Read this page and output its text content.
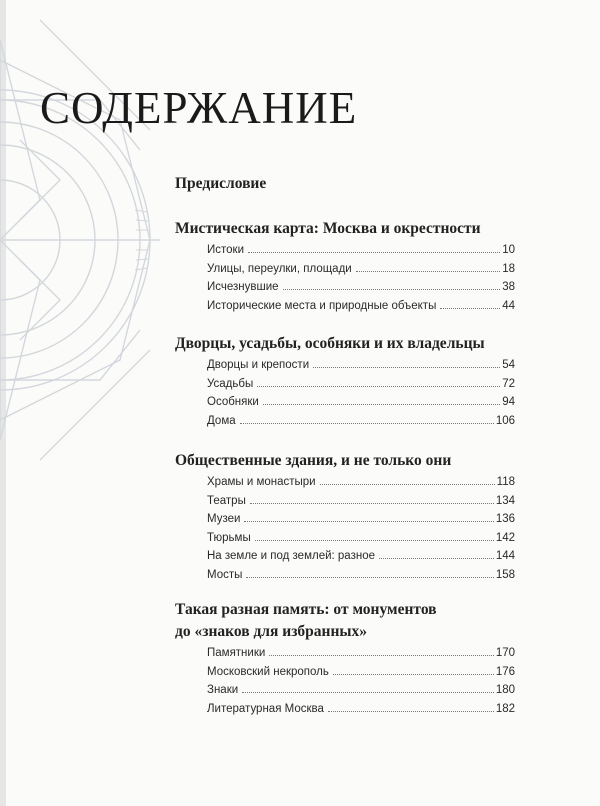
СОДЕРЖАНИЕ
Предисловие
Мистическая карта: Москва и окрестности
Истоки	10
Улицы, переулки, площади	18
Исчезнувшие	38
Исторические места и природные объекты	44
Дворцы, усадьбы, особняки и их владельцы
Дворцы и крепости	54
Усадьбы	72
Особняки	94
Дома	106
Общественные здания, и не только они
Храмы и монастыри	118
Театры	134
Музеи	136
Тюрьмы	142
На земле и под землей: разное	144
Мосты	158
Такая разная память: от монументов
до «знаков для избранных»
Памятники	170
Московский некрополь	176
Знаки	180
Литературная Москва	182
